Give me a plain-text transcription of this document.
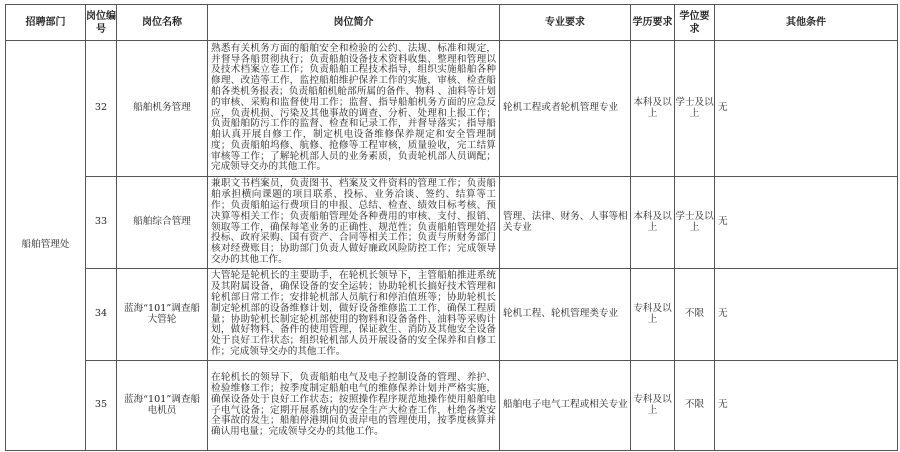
招聘部门	岗位编号	岗位名称	岗位简介	专业要求	学历要求	学位要求	其他条件
船舶管理处	32	船舶机务管理	熟悉有关机务方面的船舶安全和检验的公约、法规、标准和规定，并督导各船贯彻执行；负责船舶设备技术资料收集、整理和管理以及技术档案立卷工作；负责船舶工程技术指导，组织实施船舶各种修理、改造等工作，监控船舶维护保养工作的实施，审核、检查船舶各类机务报表；负责船舶机舱部所属的备件、物料 、油料等计划的审核、采购和监督使用工作；监督、指导船舶机务方面的应急反应，负责机损、污染及其他事故的调查、分析、处理和上报工作；负责船舶防污工作的监督、检查和记录工作，并督导落实；指导船舶认真开展自修工作，制定机电设备维修保养规定和安全管理制度；负责船舶坞修、航修、抢修等工程审核，质量验收，完工结算审核等工作；了解轮机部人员的业务素质，负责轮机部人员调配；完成领导交办的其他工作。	轮机工程或者轮机管理专业	本科及以上	学士及以上	无
	33	船舶综合管理	兼职文书档案员，负责图书、档案及文件资料的管理工作；负责船舶承担横向课题的项目联系、投标、业务洽谈、签约、结算等工作；负责船舶运行费项目的申报、总结、检查、绩效目标考核、预决算等相关工作；负责船舶管理处各种费用的审核、支付、报销、领取等工作，确保每笔业务的正确性、规范性；负责船舶管理处招投标、政府采购、国有资产、合同等相关工作；负责与所财务部门核对经费账目；协助部门负责人做好廉政风险防控工作；完成领导交办的其他工作。	管理、法律、财务、人事等相关专业	本科及以上	学士及以上	无
	34	蓝海“101”调查船大管轮	大管轮是轮机长的主要助手，在轮机长领导下，主管船舶推进系统及其附属设备，确保设备的安全运转；协助轮机长搞好技术管理和轮机部日常工作；安排轮机部人员航行和停泊值班等；协助轮机长制定轮机部的设备维修计划，做好设备维修监工工作，确保工程质量；协助轮机长制定轮机部使用的物料和设备备件、油料等采购计划，做好物料、备件的使用管理，保证救生、消防及其他安全设备处于良好工作状态；组织轮机部人员开展设备的安全保养和自修工作；完成领导交办的其他工作。	轮机工程、轮机管理类专业	专科及以上	不限	无
	35	蓝海“101”调查船电机员	在轮机长的领导下，负责船舶电气及电子控制设备的管理、养护、检验维修工作；按季度制定船舶电气的维修保养计划并严格实施，确保设备处于良好工作状态；按照操作程序规范地操作使用船舶电子电气设备；定期开展系统内的安全生产大检查工作，杜绝各类安全事故的发生；船舶停港期间负责岸电的管理使用，按季度核算并确认用电量；完成领导交办的其他工作。	船舶电子电气工程或相关专业	专科及以上	不限	无
